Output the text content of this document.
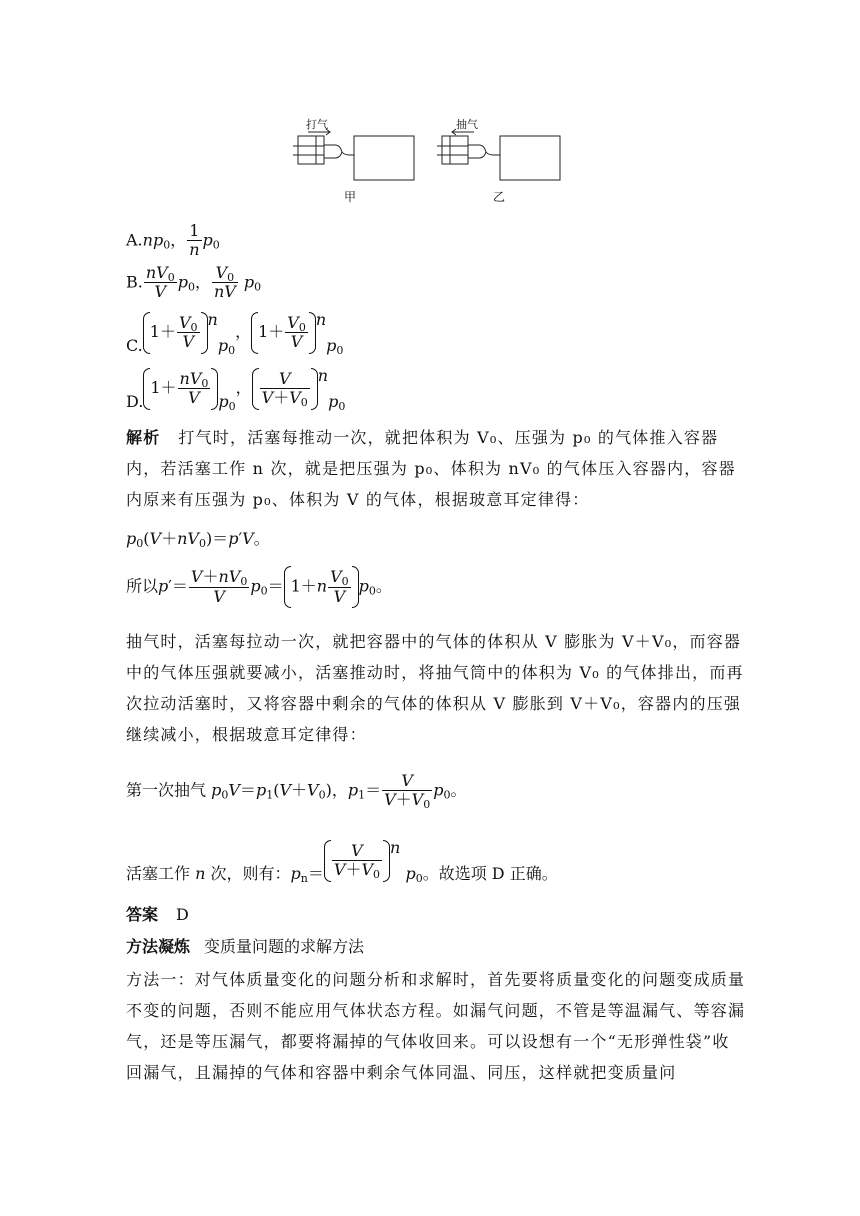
打气	抽气
甲	乙
$A.np_0$， $\frac{1}{n} p_0$
B. $\frac{nV_0}{V} p_0$， $\frac{V_0}{nV} p_0$
$C.1+ \frac{V_0}{V} np_0$， $1+ \frac{V_0}{V} np_0$
$D.1+ \frac{nV_0}{V} p_0$， $\frac{V}{V+V_0} np_0$
解析 打气时，活塞每推动一次，就把体积为 V₀、压强为 p₀ 的气体推入容器内，若活塞工作 n 次，就是把压强为 p₀、体积为 nV₀ 的气体压入容器内，容器内原来有压强为 p₀、体积为 V 的气体，根据玻意耳定律得：
$p_0(V+nV_0)=p'V$。
所以$p'= \frac{V+nV_0}{V} p_0= 1+n \frac{V_0}{V} p_0$。
抽气时，活塞每拉动一次，就把容器中的气体的体积从 V 膨胀为 V＋V₀，而容器中的气体压强就要减小，活塞推动时，将抽气筒中的体积为 V₀ 的气体排出，而再次拉动活塞时，又将容器中剩余的气体的体积从 V 膨胀到 V＋V₀，容器内的压强继续减小，根据玻意耳定律得：
第一次抽气 $p_0V=p_1(V+V_0)$，$p_1= \frac{V}{V+V_0} p_0$。
活塞工作 n 次，则有：$p_n= \frac{V}{V+V_0}$ n $p_0$。故选项 D 正确。
答案 D
方法凝炼 变质量问题的求解方法
方法一：对气体质量变化的问题分析和求解时，首先要将质量变化的问题变成质量不变的问题，否则不能应用气体状态方程。如漏气问题，不管是等温漏气、等容漏气，还是等压漏气，都要将漏掉的气体收回来。可以设想有一个“无形弹性袋”收回漏气，且漏掉的气体和容器中剩余气体同温、同压，这样就把变质量问
